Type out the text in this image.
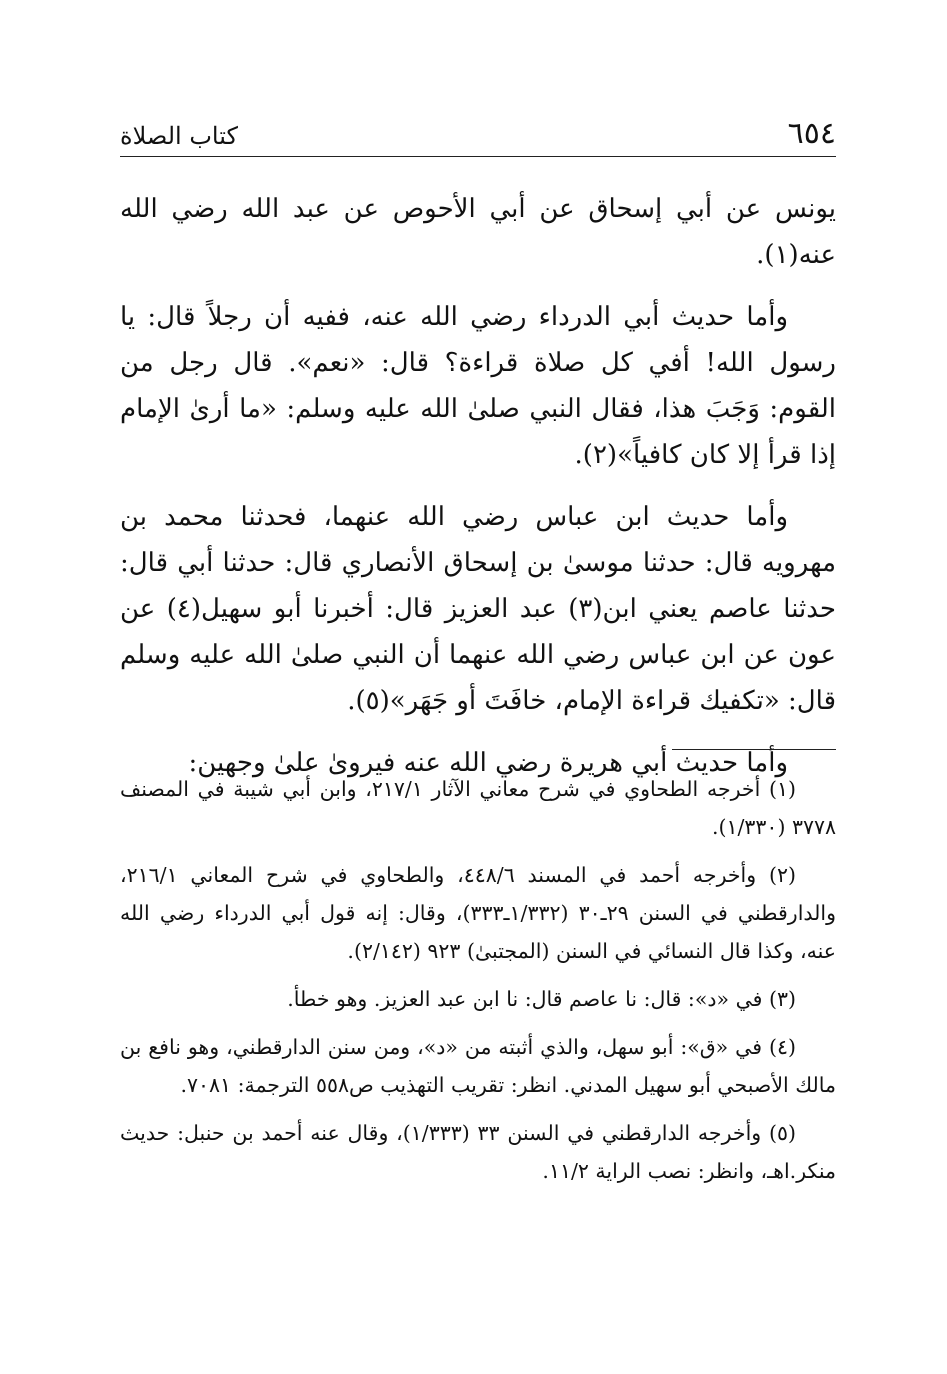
٦٥٤
كتاب الصلاة

يونس عن أبي إسحاق عن أبي الأحوص عن عبد الله رضي الله عنه(١).

وأما حديث أبي الدرداء رضي الله عنه، ففيه أن رجلاً قال: يا رسول الله! أفي كل صلاة قراءة؟ قال: «نعم». قال رجل من القوم: وَجَبَ هذا، فقال النبي صلىٰ الله عليه وسلم: «ما أرىٰ الإمام إذا قرأ إلا كان كافياً»(٢).

وأما حديث ابن عباس رضي الله عنهما، فحدثنا محمد بن مهرويه قال: حدثنا موسىٰ بن إسحاق الأنصاري قال: حدثنا أبي قال: حدثنا عاصم يعني ابن(٣) عبد العزيز قال: أخبرنا أبو سهيل(٤) عن عون عن ابن عباس رضي الله عنهما أن النبي صلىٰ الله عليه وسلم قال: «تكفيك قراءة الإمام، خافَتَ أو جَهَر»(٥).

وأما حديث أبي هريرة رضي الله عنه فيروىٰ علىٰ وجهين:

(١) أخرجه الطحاوي في شرح معاني الآثار ٢١٧/١، وابن أبي شيبة في المصنف ٣٧٧٨ (١/٣٣٠).

(٢) وأخرجه أحمد في المسند ٤٤٨/٦، والطحاوي في شرح المعاني ٢١٦/١، والدارقطني في السنن ٢٩ـ٣٠ (١/٣٣٢ـ٣٣٣)، وقال: إنه قول أبي الدرداء رضي الله عنه، وكذا قال النسائي في السنن (المجتبىٰ) ٩٢٣ (٢/١٤٢).

(٣) في «د»: قال: نا عاصم قال: نا ابن عبد العزيز. وهو خطأ.

(٤) في «ق»: أبو سهل، والذي أثبته من «د»، ومن سنن الدارقطني، وهو نافع بن مالك الأصبحي أبو سهيل المدني. انظر: تقريب التهذيب ص٥٥٨ الترجمة: ٧٠٨١.

(٥) وأخرجه الدارقطني في السنن ٣٣ (١/٣٣٣)، وقال عنه أحمد بن حنبل: حديث منكر.اهـ، وانظر: نصب الراية ١١/٢.
